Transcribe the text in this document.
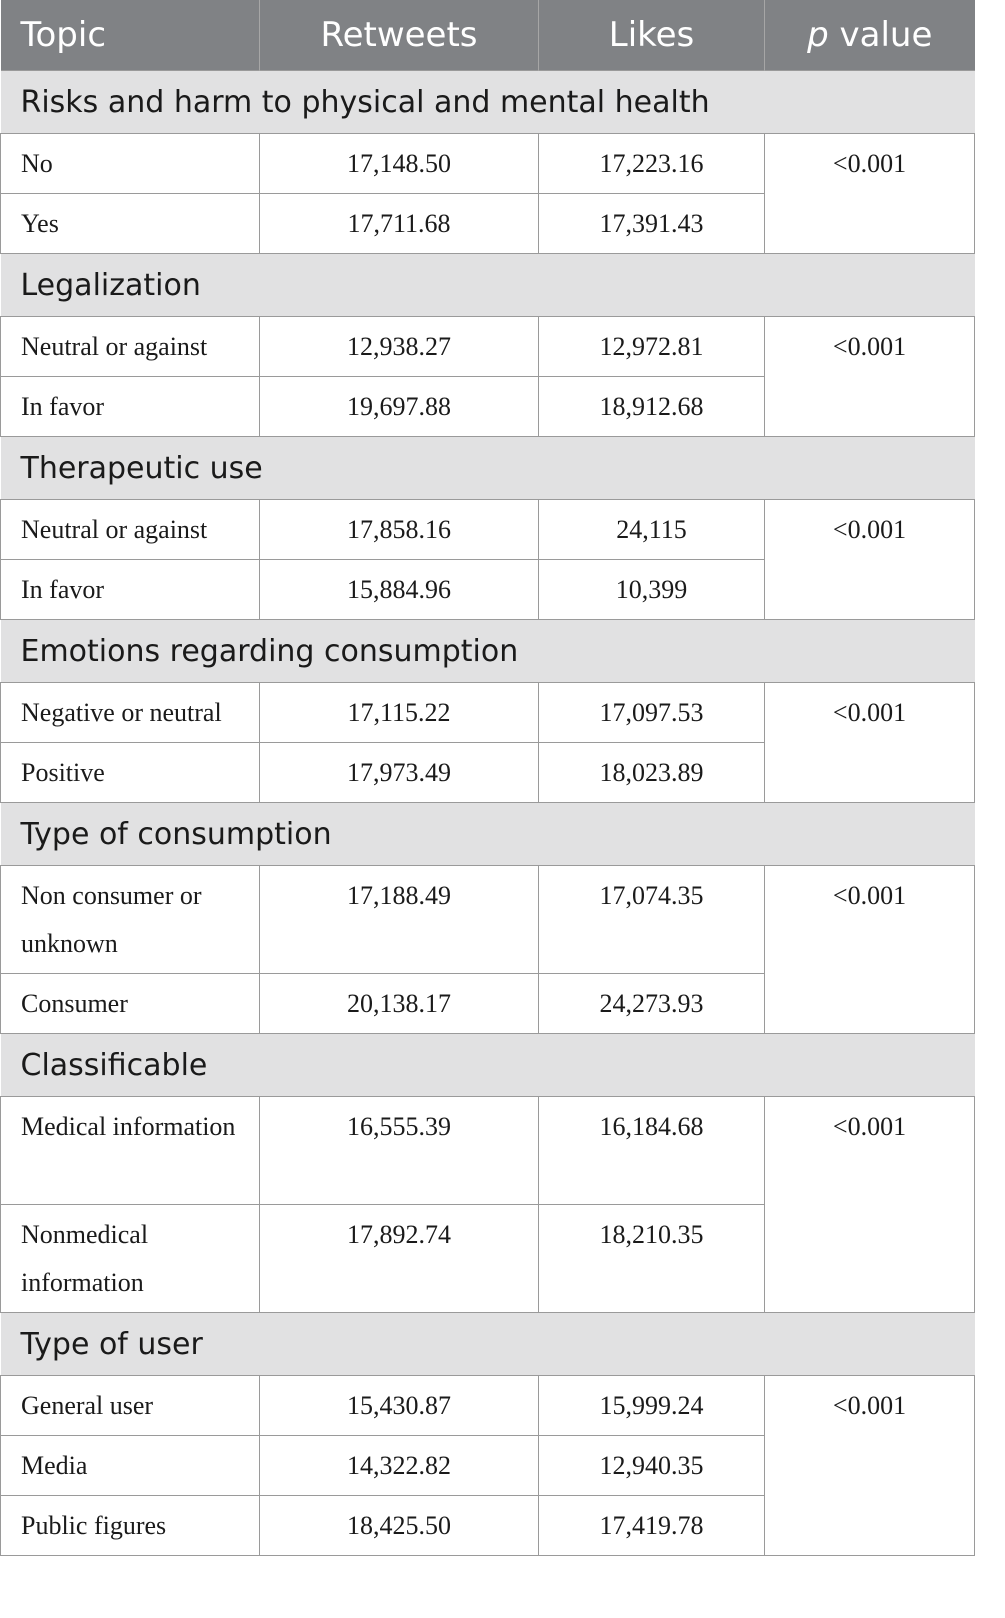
Topic	Retweets	Likes	p value
Risks and harm to physical and mental health			
No	17,148.50	17,223.16	<0.001
Yes	17,711.68	17,391.43	
Legalization			
Neutral or against	12,938.27	12,972.81	<0.001
In favor	19,697.88	18,912.68	
Therapeutic use			
Neutral or against	17,858.16	24,115	<0.001
In favor	15,884.96	10,399	
Emotions regarding consumption			
Negative or neutral	17,115.22	17,097.53	<0.001
Positive	17,973.49	18,023.89	
Type of consumption			
Non consumer or unknown	17,188.49	17,074.35	<0.001
Consumer	20,138.17	24,273.93	
Classificable			
Medical information	16,555.39	16,184.68	<0.001
Nonmedical information	17,892.74	18,210.35	
Type of user			
General user	15,430.87	15,999.24	<0.001
Media	14,322.82	12,940.35	
Public figures	18,425.50	17,419.78	
